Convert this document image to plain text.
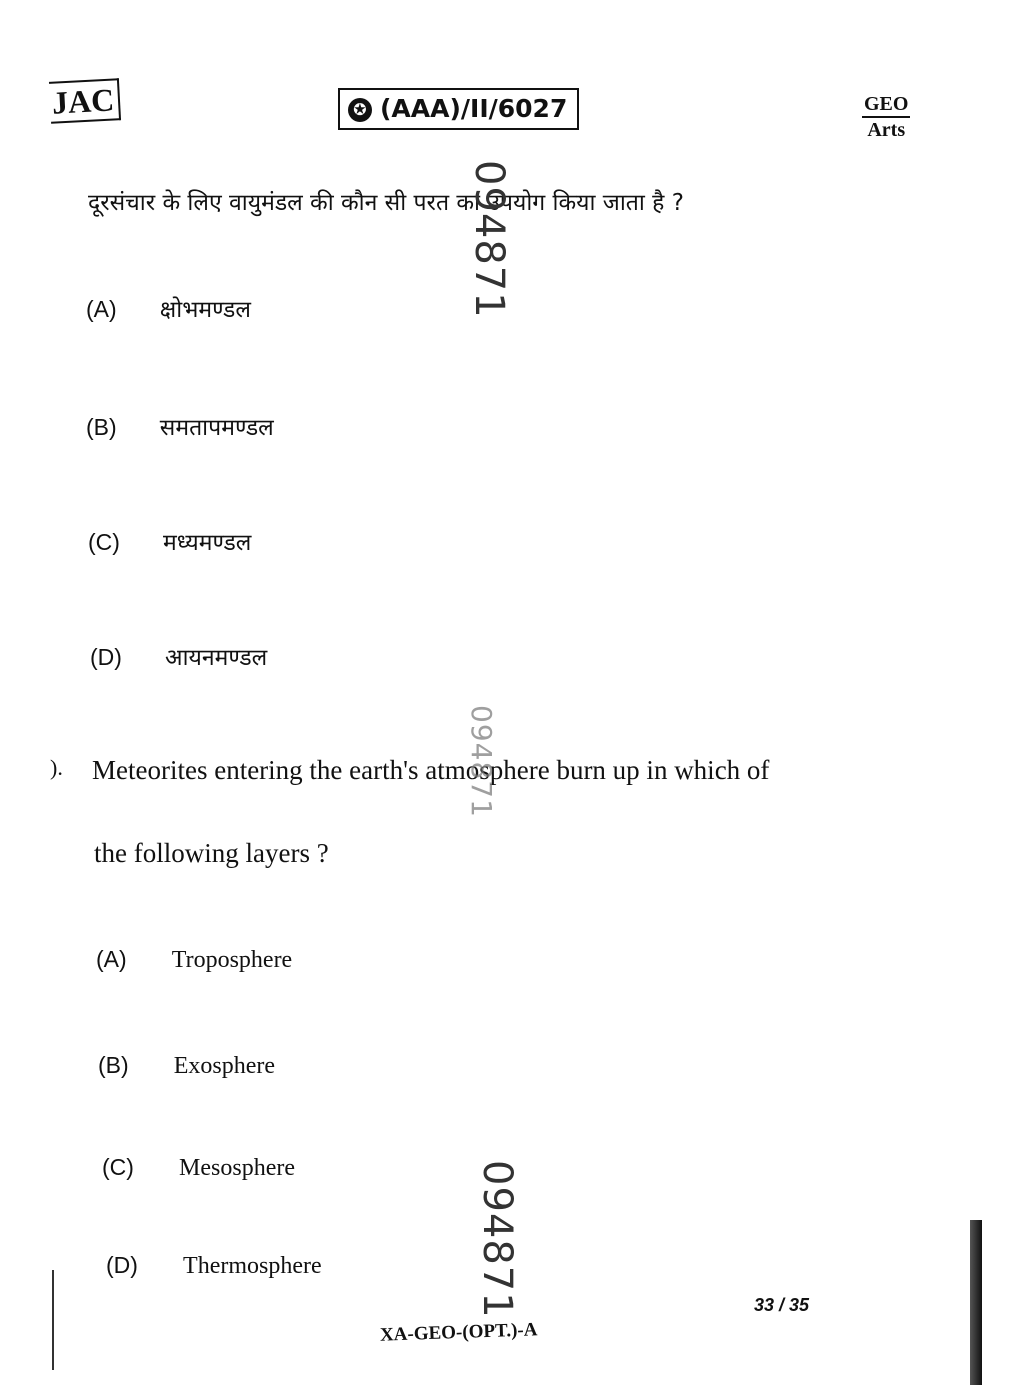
JAC	✪ (AAA)/II/6027	GEO
Arts
दूरसंचार के लिए वायुमंडल की कौन सी परत का उपयोग किया जाता है ?
(A) क्षोभमण्डल
(B) समतापमण्डल
(C) मध्यमण्डल
(D) आयनमण्डल
). Meteorites entering the earth's atmosphere burn up in which of
the following layers ?
(A) Troposphere
(B) Exosphere
(C) Mesosphere
(D) Thermosphere
094871
094871
094871	33 / 35
XA-GEO-(OPT.)-A
